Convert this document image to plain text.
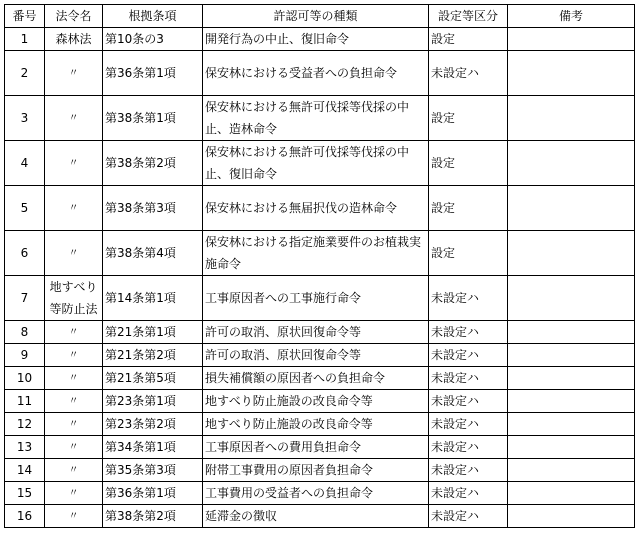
番号	法令名	根拠条項	許認可等の種類	設定等区分	備考
1	森林法	第10条の3	開発行為の中止、復旧命令	設定	
2	〃	第36条第1項	保安林における受益者への負担命令	未設定ハ	
3	〃	第38条第1項	保安林における無許可伐採等伐採の中止、造林命令	設定	
4	〃	第38条第2項	保安林における無許可伐採等伐採の中止、復旧命令	設定	
5	〃	第38条第3項	保安林における無届択伐の造林命令	設定	
6	〃	第38条第4項	保安林における指定施業要件のお植栽実施命令	設定	
7	地すべり等防止法	第14条第1項	工事原因者への工事施行命令	未設定ハ	
8	〃	第21条第1項	許可の取消、原状回復命令等	未設定ハ	
9	〃	第21条第2項	許可の取消、原状回復命令等	未設定ハ	
10	〃	第21条第5項	損失補償額の原因者への負担命令	未設定ハ	
11	〃	第23条第1項	地すべり防止施設の改良命令等	未設定ハ	
12	〃	第23条第2項	地すべり防止施設の改良命令等	未設定ハ	
13	〃	第34条第1項	工事原因者への費用負担命令	未設定ハ	
14	〃	第35条第3項	附帯工事費用の原因者負担命令	未設定ハ	
15	〃	第36条第1項	工事費用の受益者への負担命令	未設定ハ	
16	〃	第38条第2項	延滞金の徴収	未設定ハ	
